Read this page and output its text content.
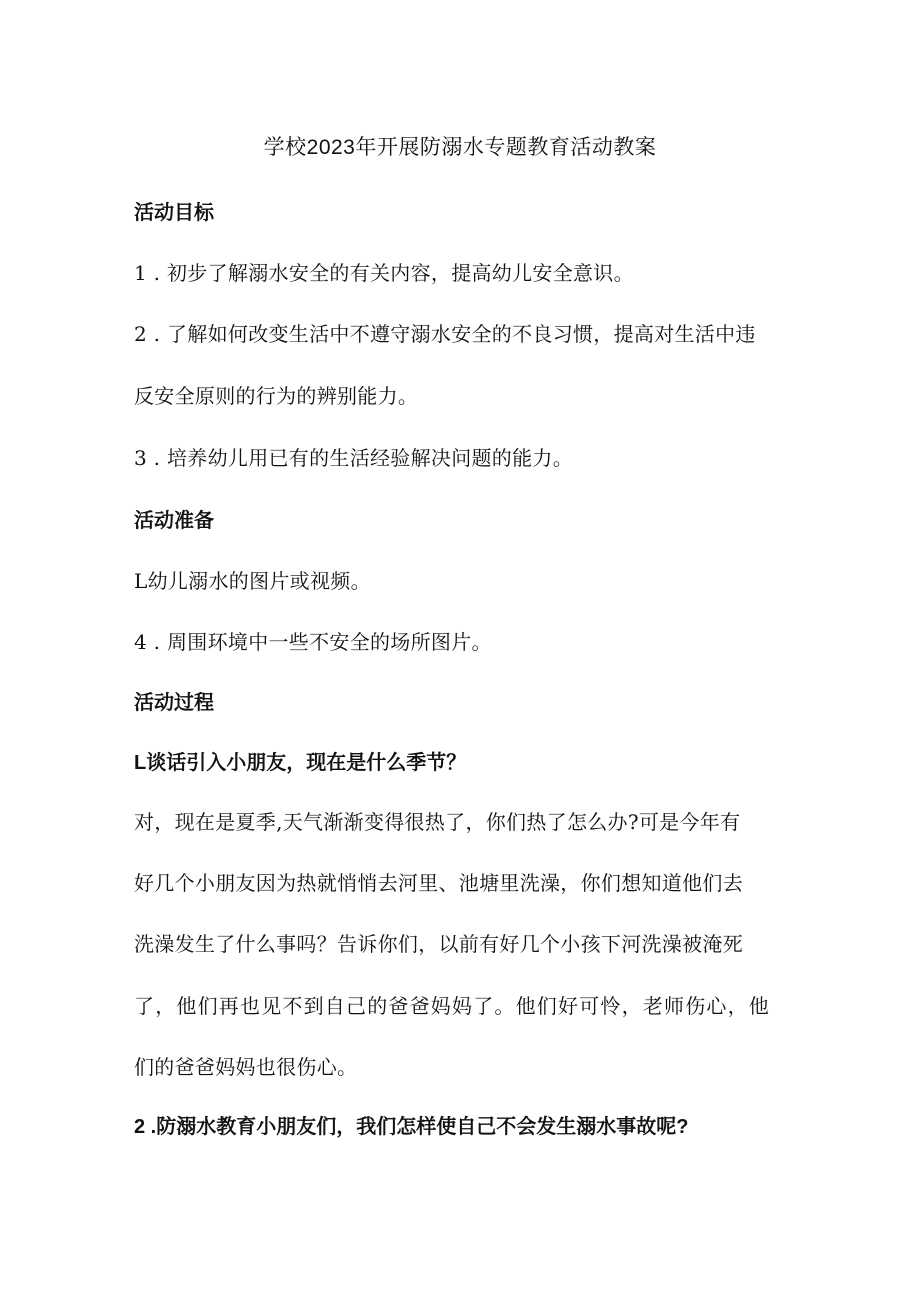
学校2023年开展防溺水专题教育活动教案
活动目标

1 . 初步了解溺水安全的有关内容，提高幼儿安全意识。

2 . 了解如何改变生活中不遵守溺水安全的不良习惯，提高对生活中违

反安全原则的行为的辨别能力。

3 . 培养幼儿用已有的生活经验解决问题的能力。

活动准备

L幼儿溺水的图片或视频。

4 . 周围环境中一些不安全的场所图片。

活动过程
L谈话引入小朋友，现在是什么季节？

对，现在是夏季,天气渐渐变得很热了，你们热了怎么办?可是今年有

好几个小朋友因为热就悄悄去河里、池塘里洗澡，你们想知道他们去

洗澡发生了什么事吗？告诉你们，以前有好几个小孩下河洗澡被淹死

了，他们再也见不到自己的爸爸妈妈了。他们好可怜，老师伤心，他

们的爸爸妈妈也很伤心。

2 .防溺水教育小朋友们，我们怎样使自己不会发生溺水事故呢?
